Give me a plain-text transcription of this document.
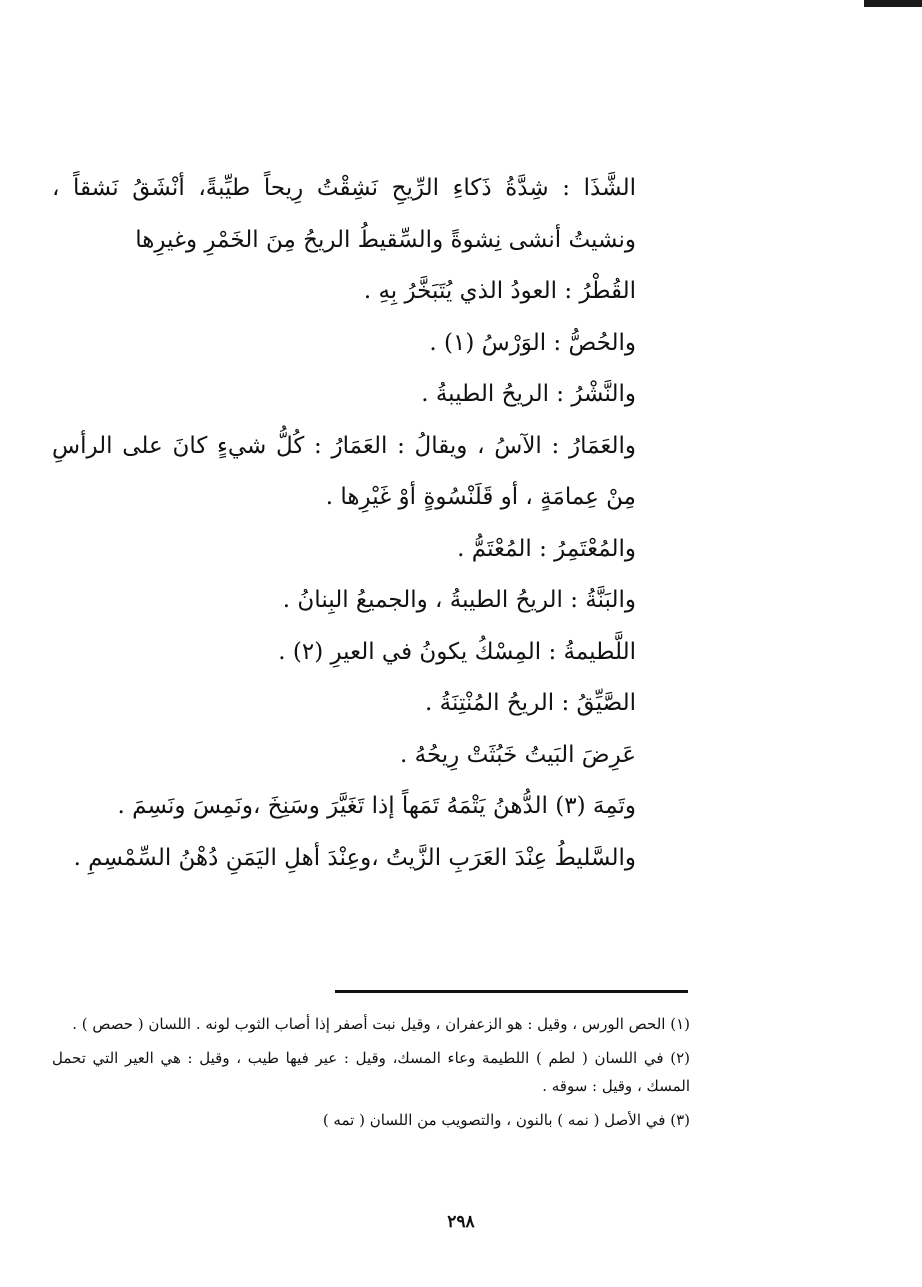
الشَّذَا : شِدَّةُ ذَكاءِ الرِّيحِ نَشِقْتُ رِيحاً طيِّبةً، أنْشَقُ نَشقاً ، ونشيتُ أنشى نِشوةً والسِّقيطُ الريحُ مِنَ الخَمْرِ وغيرِها

القُطْرُ : العودُ الذي يُتَبَخَّرُ بِهِ .

والحُصُّ : الوَرْسُ (١) .

والنَّشْرُ : الريحُ الطيبةُ .

والعَمَارُ : الآسُ ، ويقالُ : العَمَارُ : كُلُّ شيءٍ كانَ على الرأسِ مِنْ عِمامَةٍ ، أو قَلَنْسُوةٍ أوْ غَيْرِها .

والمُعْتَمِرُ : المُعْتَمُّ .

والبَنَّةُ : الريحُ الطيبةُ ، والجميعُ البِنانُ .

اللَّطيمةُ : المِسْكُ يكونُ في العيرِ (٢) .

الصَّيِّقُ : الريحُ المُنْتِنَةُ .

عَرِضَ البَيتُ خَبُثَتْ رِيحُهُ .

وتَمِهَ (٣) الدُّهنُ يَتْمَهُ تَمَهاً إذا تَغَيَّرَ وسَنِخَ ،ونَمِسَ ونَسِمَ .

والسَّليطُ عِنْدَ العَرَبِ الزَّيتُ ،وعِنْدَ أهلِ اليَمَنِ دُهْنُ السِّمْسِمِ .

(١) الحص الورس ، وقيل : هو الزعفران ، وقيل نبت أصفر إذا أصاب الثوب لونه . اللسان ( حصص ) .

(٢) في اللسان ( لطم ) اللطيمة وعاء المسك، وقيل : عير فيها طيب ، وقيل : هي العير التي تحمل المسك ، وقيل : سوقه .

(٣) في الأصل ( نمه ) بالنون ، والتصويب من اللسان ( تمه )

٢٩٨
